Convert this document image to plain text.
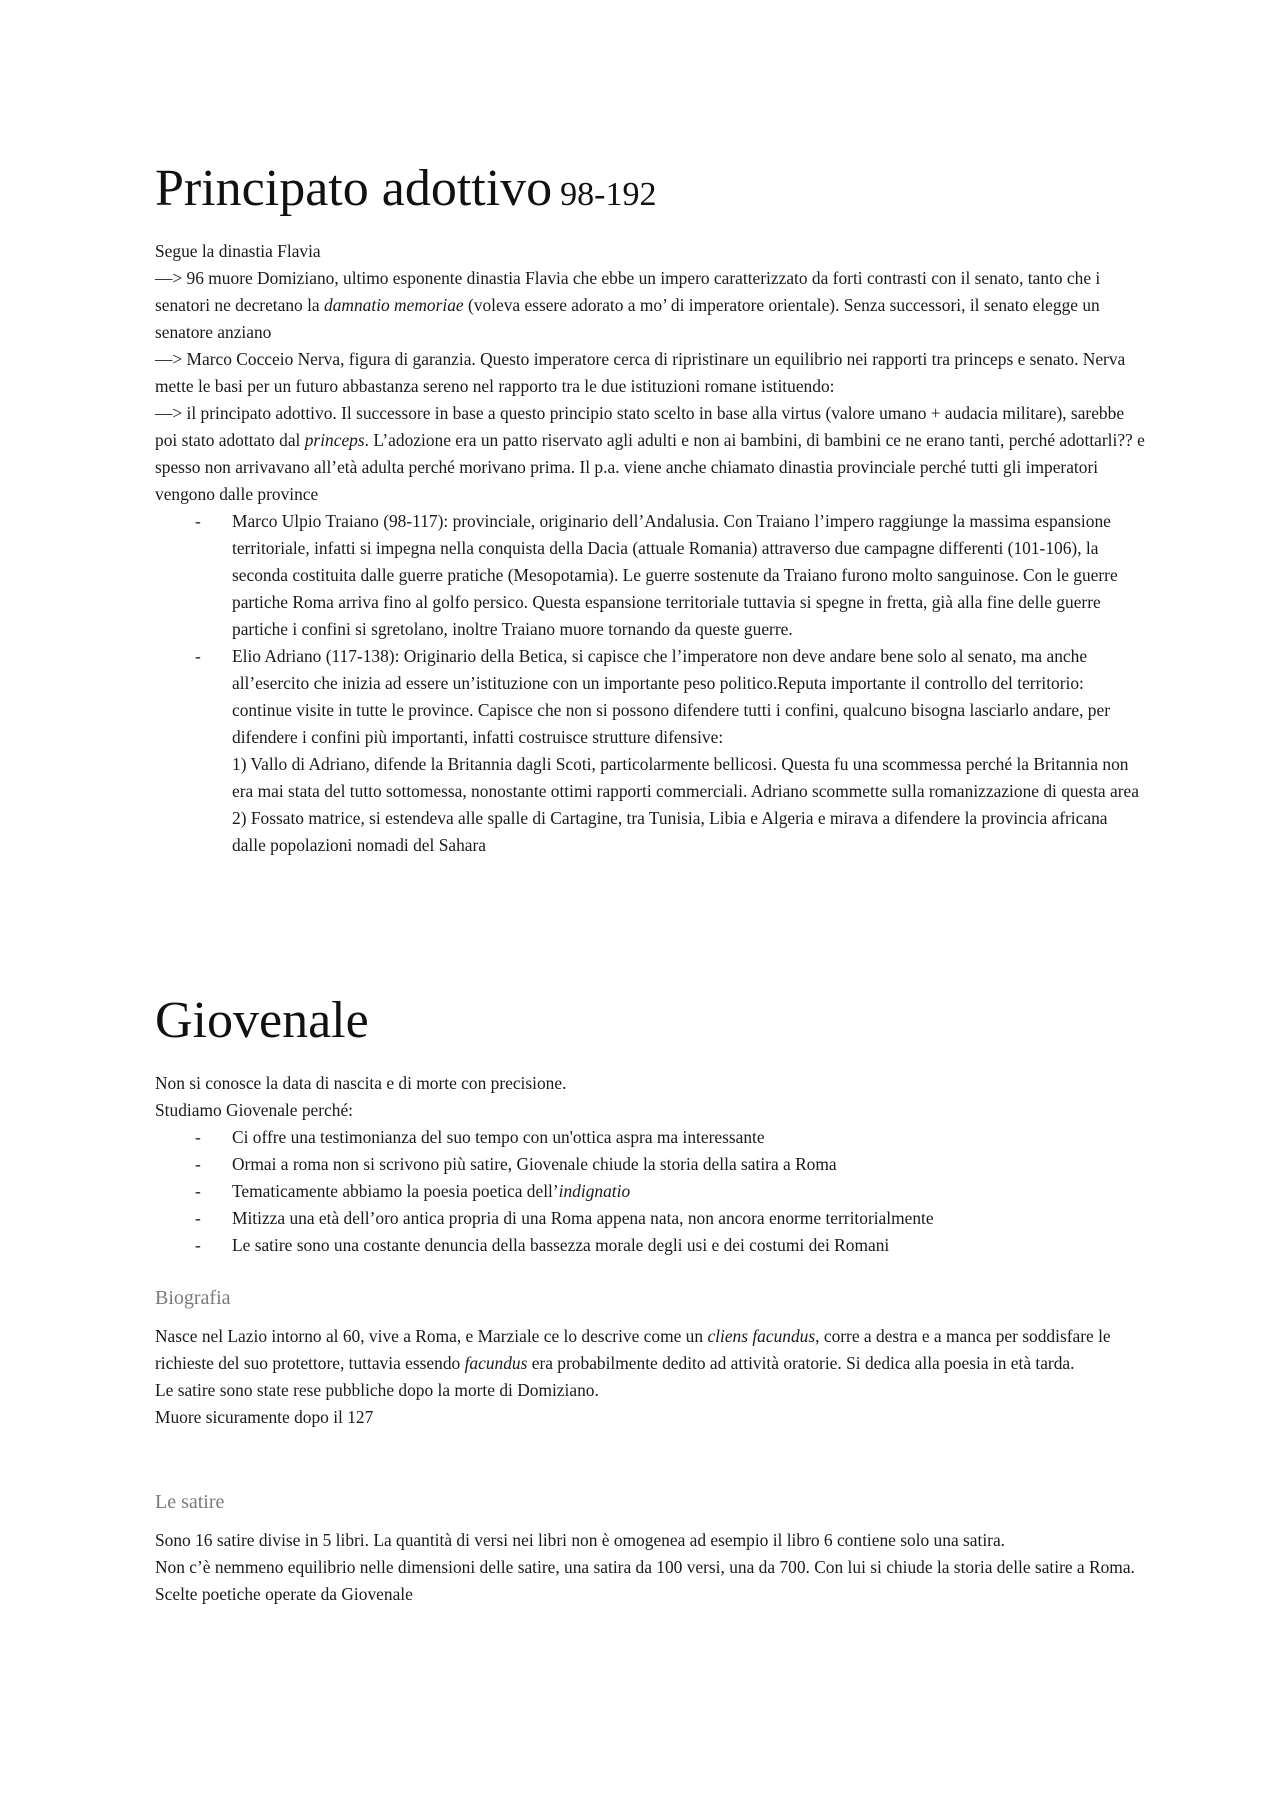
Principato adottivo 98-192

Segue la dinastia Flavia

—> 96 muore Domiziano, ultimo esponente dinastia Flavia che ebbe un impero caratterizzato da forti contrasti con il senato, tanto che i senatori ne decretano la damnatio memoriae (voleva essere adorato a mo’ di imperatore orientale). Senza successori, il senato elegge un senatore anziano

—> Marco Cocceio Nerva, figura di garanzia. Questo imperatore cerca di ripristinare un equilibrio nei rapporti tra princeps e senato. Nerva mette le basi per un futuro abbastanza sereno nel rapporto tra le due istituzioni romane istituendo:

—> il principato adottivo. Il successore in base a questo principio stato scelto in base alla virtus (valore umano + audacia militare), sarebbe poi stato adottato dal princeps. L’adozione era un patto riservato agli adulti e non ai bambini, di bambini ce ne erano tanti, perché adottarli?? e spesso non arrivavano all’età adulta perché morivano prima. Il p.a. viene anche chiamato dinastia provinciale perché tutti gli imperatori vengono dalle province

- Marco Ulpio Traiano (98-117): provinciale, originario dell’Andalusia. Con Traiano l’impero raggiunge la massima espansione territoriale, infatti si impegna nella conquista della Dacia (attuale Romania) attraverso due campagne differenti (101-106), la seconda costituita dalle guerre pratiche (Mesopotamia). Le guerre sostenute da Traiano furono molto sanguinose. Con le guerre partiche Roma arriva fino al golfo persico. Questa espansione territoriale tuttavia si spegne in fretta, già alla fine delle guerre partiche i confini si sgretolano, inoltre Traiano muore tornando da queste guerre.
- Elio Adriano (117-138): Originario della Betica, si capisce che l’imperatore non deve andare bene solo al senato, ma anche all’esercito che inizia ad essere un’istituzione con un importante peso politico.Reputa importante il controllo del territorio: continue visite in tutte le province. Capisce che non si possono difendere tutti i confini, qualcuno bisogna lasciarlo andare, per difendere i confini più importanti, infatti costruisce strutture difensive:
1) Vallo di Adriano, difende la Britannia dagli Scoti, particolarmente bellicosi. Questa fu una scommessa perché la Britannia non era mai stata del tutto sottomessa, nonostante ottimi rapporti commerciali. Adriano scommette sulla romanizzazione di questa area
2) Fossato matrice, si estendeva alle spalle di Cartagine, tra Tunisia, Libia e Algeria e mirava a difendere la provincia africana dalle popolazioni nomadi del Sahara
Giovenale

Non si conosce la data di nascita e di morte con precisione.

Studiamo Giovenale perché:

- Ci offre una testimonianza del suo tempo con un'ottica aspra ma interessante
- Ormai a roma non si scrivono più satire, Giovenale chiude la storia della satira a Roma
- Tematicamente abbiamo la poesia poetica dell’indignatio
- Mitizza una età dell’oro antica propria di una Roma appena nata, non ancora enorme territorialmente
- Le satire sono una costante denuncia della bassezza morale degli usi e dei costumi dei Romani
Biografia

Nasce nel Lazio intorno al 60, vive a Roma, e Marziale ce lo descrive come un cliens facundus, corre a destra e a manca per soddisfare le richieste del suo protettore, tuttavia essendo facundus era probabilmente dedito ad attività oratorie. Si dedica alla poesia in età tarda.

Le satire sono state rese pubbliche dopo la morte di Domiziano.

Muore sicuramente dopo il 127

Le satire

Sono 16 satire divise in 5 libri. La quantità di versi nei libri non è omogenea ad esempio il libro 6 contiene solo una satira.

Non c’è nemmeno equilibrio nelle dimensioni delle satire, una satira da 100 versi, una da 700. Con lui si chiude la storia delle satire a Roma.

Scelte poetiche operate da Giovenale
